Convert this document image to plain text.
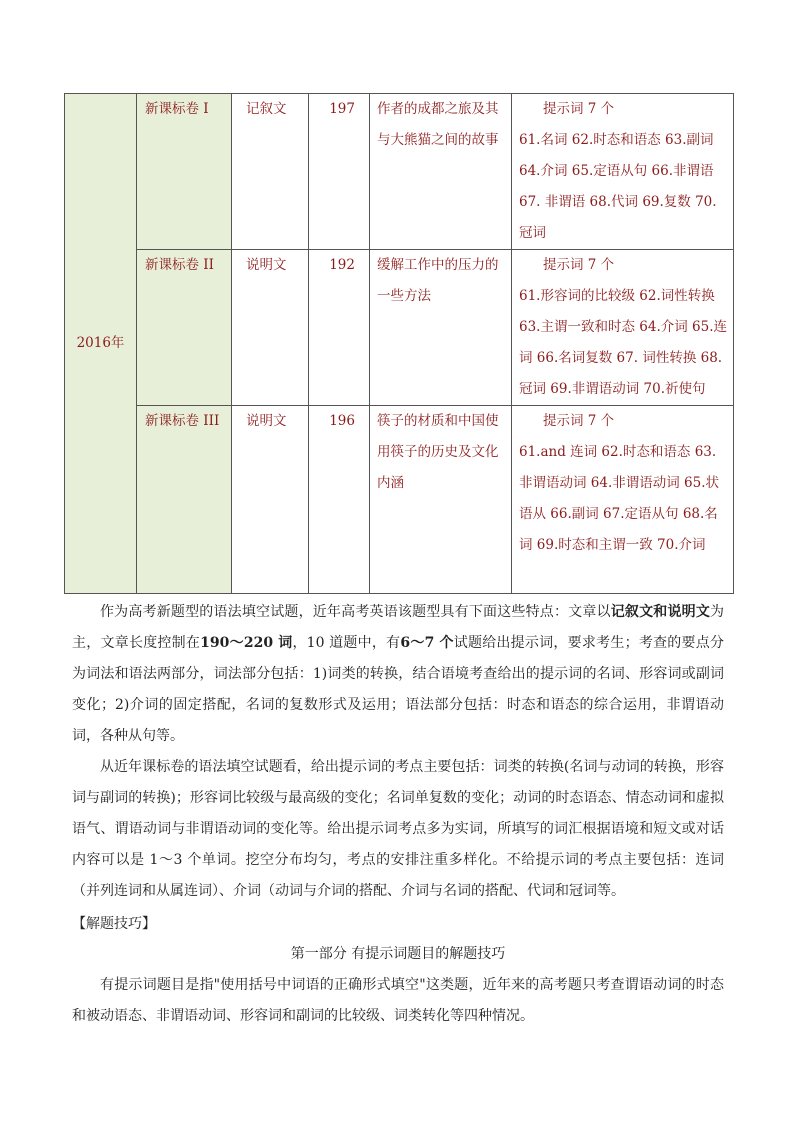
2016年	新课标卷 I	记叙文	197	作者的成都之旅及其与大熊猫之间的故事	提示词 7 个
61.名词 62.时态和语态 63.副词 64.介词 65.定语从句 66.非谓语 67. 非谓语 68.代词 69.复数 70.冠词

	新课标卷 II	说明文	192	缓解工作中的压力的一些方法	提示词 7 个
61.形容词的比较级 62.词性转换 63.主谓一致和时态 64.介词 65.连词 66.名词复数 67. 词性转换 68.冠词 69.非谓语动词 70.祈使句

	新课标卷 III	说明文	196	筷子的材质和中国使用筷子的历史及文化内涵	提示词 7 个
61.and 连词 62.时态和语态 63.非谓语动词 64.非谓语动词 65.状语从 66.副词 67.定语从句 68.名词 69.时态和主谓一致 70.介词
作为高考新题型的语法填空试题，近年高考英语该题型具有下面这些特点：文章以记叙文和说明文为主，文章长度控制在190～220 词，10 道题中，有6～7 个试题给出提示词，要求考生；考查的要点分为词法和语法两部分，词法部分包括：1)词类的转换，结合语境考查给出的提示词的名词、形容词或副词变化；2)介词的固定搭配，名词的复数形式及运用；语法部分包括：时态和语态的综合运用，非谓语动词，各种从句等。
从近年课标卷的语法填空试题看，给出提示词的考点主要包括：词类的转换(名词与动词的转换，形容词与副词的转换)；形容词比较级与最高级的变化；名词单复数的变化；动词的时态语态、情态动词和虚拟语气、谓语动词与非谓语动词的变化等。给出提示词考点多为实词，所填写的词汇根据语境和短文或对话内容可以是 1～3 个单词。挖空分布均匀，考点的安排注重多样化。不给提示词的考点主要包括：连词（并列连词和从属连词）、介词（动词与介词的搭配、介词与名词的搭配、代词和冠词等。
【解题技巧】
第一部分 有提示词题目的解题技巧
有提示词题目是指"使用括号中词语的正确形式填空"这类题，近年来的高考题只考查谓语动词的时态和被动语态、非谓语动词、形容词和副词的比较级、词类转化等四种情况。
